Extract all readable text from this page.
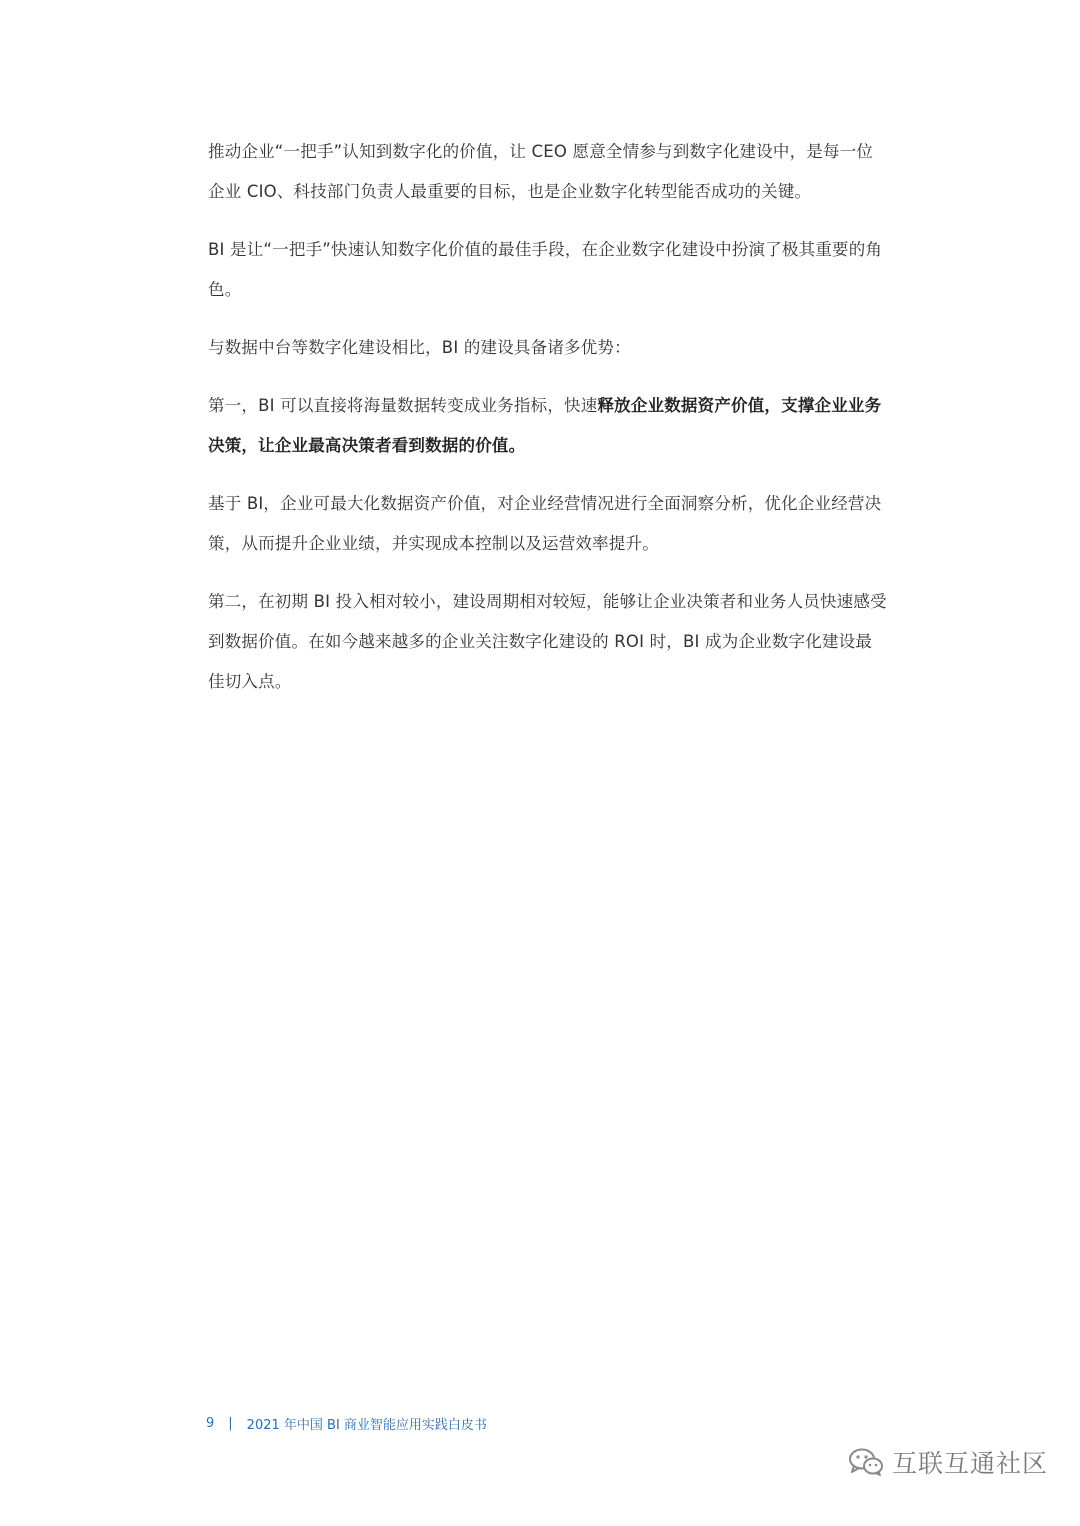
推动企业“一把手”认知到数字化的价值，让 CEO 愿意全情参与到数字化建设中，是每一位企业 CIO、科技部门负责人最重要的目标，也是企业数字化转型能否成功的关键。

BI 是让“一把手”快速认知数字化价值的最佳手段，在企业数字化建设中扮演了极其重要的角色。

与数据中台等数字化建设相比，BI 的建设具备诸多优势：

第一，BI 可以直接将海量数据转变成业务指标，快速释放企业数据资产价值，支撑企业业务决策，让企业最高决策者看到数据的价值。

基于 BI，企业可最大化数据资产价值，对企业经营情况进行全面洞察分析，优化企业经营决策，从而提升企业业绩，并实现成本控制以及运营效率提升。

第二，在初期 BI 投入相对较小，建设周期相对较短，能够让企业决策者和业务人员快速感受到数据价值。在如今越来越多的企业关注数字化建设的 ROI 时，BI 成为企业数字化建设最佳切入点。

9 | 2021 年中国 BI 商业智能应用实践白皮书
互联互通社区
